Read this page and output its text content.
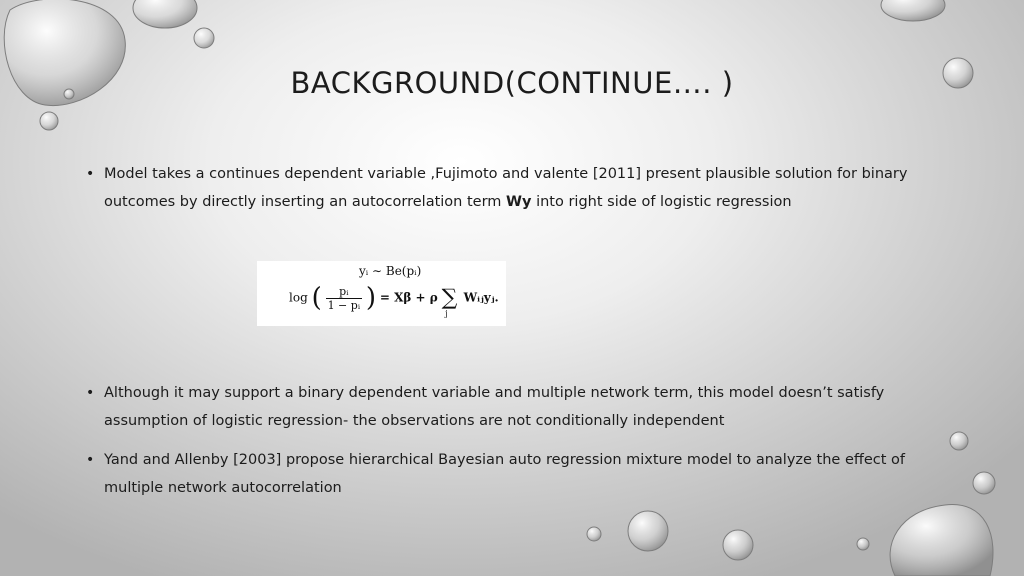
BACKGROUND(CONTINUE…. )
• Model takes a continues dependent variable ,Fujimoto and valente [2011] present plausible solution for binary outcomes by directly inserting an autocorrelation term Wy into right side of logistic regression
yᵢ ∼ Be(pᵢ)
log ( $\frac{\text{pᵢ}}{\text{1 − pᵢ}}$ ) = Xβ + ρ $\sum_j$ Wᵢⱼyⱼ.
• Although it may support a binary dependent variable and multiple network term, this model doesn’t satisfy assumption of logistic regression- the observations are not conditionally independent
• Yand and Allenby [2003] propose hierarchical Bayesian auto regression mixture model to analyze the effect of multiple network autocorrelation
